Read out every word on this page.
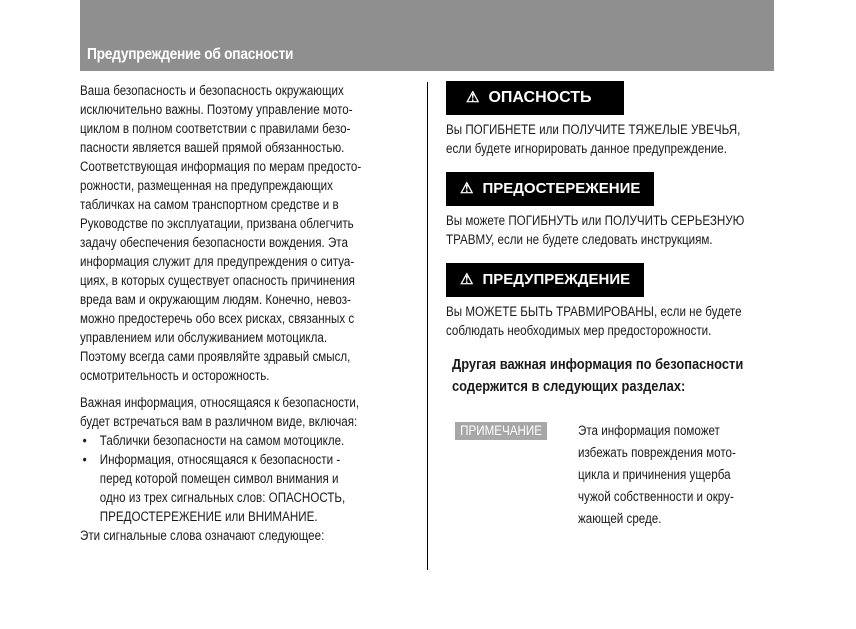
Предупреждение об опасности
Ваша безопасность и безопасность окружающих
исключительно важны. Поэтому управление мото-
циклом в полном соответствии с правилами безо-
пасности является вашей прямой обязанностью.
Соответствующая информация по мерам предосто-
рожности, размещенная на предупреждающих
табличках на самом транспортном средстве и в
Руководстве по эксплуатации, призвана облегчить
задачу обеспечения безопасности вождения. Эта
информация служит для предупреждения о ситуа-
циях, в которых существует опасность причинения
вреда вам и окружающим людям. Конечно, невоз-
можно предостеречь обо всех рисках, связанных с
управлением или обслуживанием мотоцикла.
Поэтому всегда сами проявляйте здравый смысл,
осмотрительность и осторожность.
Важная информация, относящаяся к безопасности,
будет встречаться вам в различном виде, включая:
• Таблички безопасности на самом мотоцикле.
• Информация, относящаяся к безопасности -
перед которой помещен символ внимания и
одно из трех сигнальных слов: ОПАСНОСТЬ,
ПРЕДОСТЕРЕЖЕНИЕ или ВНИМАНИЕ.
Эти сигнальные слова означают следующее:
⚠ ОПАСНОСТЬ
Вы ПОГИБНЕТЕ или ПОЛУЧИТЕ ТЯЖЕЛЫЕ УВЕЧЬЯ,
если будете игнорировать данное предупреждение.
⚠ ПРЕДОСТЕРЕЖЕНИЕ
Вы можете ПОГИБНУТЬ или ПОЛУЧИТЬ СЕРЬЕЗНУЮ
ТРАВМУ, если не будете следовать инструкциям.
⚠ ПРЕДУПРЕЖДЕНИЕ
Вы МОЖЕТЕ БЫТЬ ТРАВМИРОВАНЫ, если не будете
соблюдать необходимых мер предосторожности.
Другая важная информация по безопасности
содержится в следующих разделах:
ПРИМЕЧАНИЕ	Эта информация поможет
избежать повреждения мото-
цикла и причинения ущерба
чужой собственности и окру-
жающей среде.
